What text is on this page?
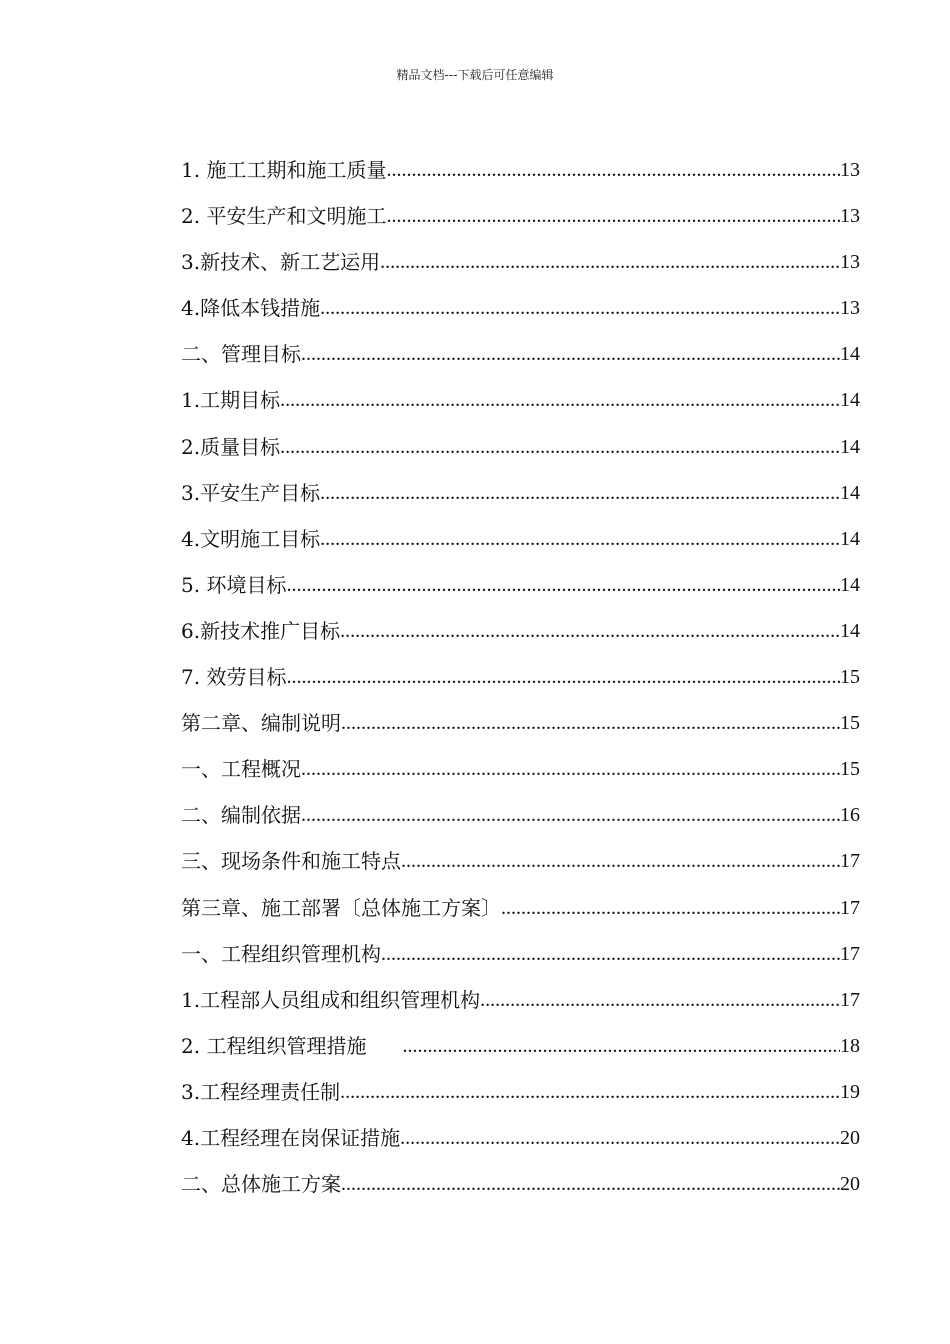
精品文档---下载后可任意编辑
1. 施工工期和施工质量 .....	13
2. 平安生产和文明施工 .....	13
3.新技术、新工艺运用 .....	13
4.降低本钱措施 .....	13
二、管理目标 .....	14
1.工期目标 .....	14
2.质量目标 .....	14
3.平安生产目标 .....	14
4.文明施工目标 .....	14
5. 环境目标 .....	14
6.新技术推广目标 .....	14
7. 效劳目标 .....	15
第二章、编制说明 .....	15
一、工程概况 .....	15
二、编制依据 .....	16
三、现场条件和施工特点 .....	17
第三章、施工部署〔总体施工方案〕 .....	17
一、工程组织管理机构 .....	17
1.工程部人员组成和组织管理机构 .....	17
2. 工程组织管理措施 .....	18
3.工程经理责任制 .....	19
4.工程经理在岗保证措施 .....	20
二、总体施工方案 .....	20
